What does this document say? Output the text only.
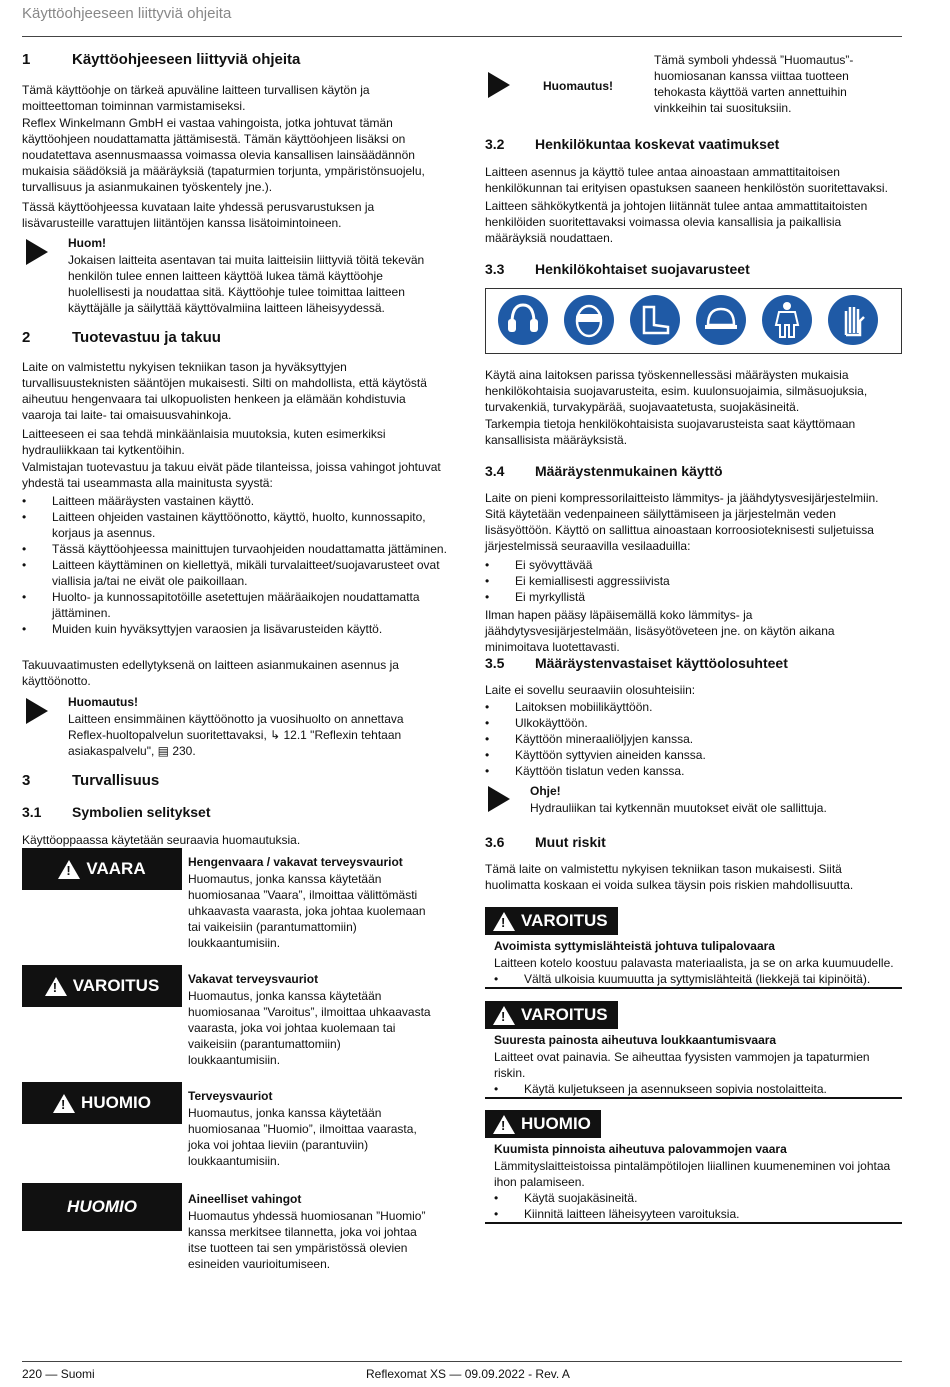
Käyttöohjeeseen liittyviä ohjeita
1	Käyttöohjeeseen liittyviä ohjeita
Tämä käyttöohje on tärkeä apuväline laitteen turvallisen käytön ja moitteettoman toiminnan varmistamiseksi.
Reflex Winkelmann GmbH ei vastaa vahingoista, jotka johtuvat tämän käyttöohjeen noudattamatta jättämisestä. Tämän käyttöohjeen lisäksi on noudatettava asennusmaassa voimassa olevia kansallisen lainsäädännön mukaisia säädöksiä ja määräyksiä (tapaturmien torjunta, ympäristönsuojelu, turvallisuus ja asianmukainen työskentely jne.).
Tässä käyttöohjeessa kuvataan laite yhdessä perusvarustuksen ja lisävarusteille varattujen liitäntöjen kanssa lisätoimintoineen.
Huom!
Jokaisen laitteita asentavan tai muita laitteisiin liittyviä töitä tekevän henkilön tulee ennen laitteen käyttöä lukea tämä käyttöohje huolellisesti ja noudattaa sitä. Käyttöohje tulee toimittaa laitteen käyttäjälle ja säilyttää käyttövalmiina laitteen läheisyydessä.
2	Tuotevastuu ja takuu
Laite on valmistettu nykyisen tekniikan tason ja hyväksyttyjen turvallisuusteknisten sääntöjen mukaisesti. Silti on mahdollista, että käytöstä aiheutuu hengenvaara tai ulkopuolisten henkeen ja elämään kohdistuvia vaaroja tai laite- tai omaisuusvahinkoja.
Laitteeseen ei saa tehdä minkäänlaisia muutoksia, kuten esimerkiksi hydrauliikkaan tai kytkentöihin.
Valmistajan tuotevastuu ja takuu eivät päde tilanteissa, joissa vahingot johtuvat yhdestä tai useammasta alla mainitusta syystä:
• Laitteen määräysten vastainen käyttö.
• Laitteen ohjeiden vastainen käyttöönotto, käyttö, huolto, kunnossapito, korjaus ja asennus.
• Tässä käyttöohjeessa mainittujen turvaohjeiden noudattamatta jättäminen.
• Laitteen käyttäminen on kiellettyä, mikäli turvalaitteet/suojavarusteet ovat viallisia ja/tai ne eivät ole paikoillaan.
• Huolto- ja kunnossapitotöille asetettujen määräaikojen noudattamatta jättäminen.
• Muiden kuin hyväksyttyjen varaosien ja lisävarusteiden käyttö.
Takuuvaatimusten edellytyksenä on laitteen asianmukainen asennus ja käyttöönotto.
Huomautus!
Laitteen ensimmäinen käyttöönotto ja vuosihuolto on annettava Reflex-huoltopalvelun suoritettavaksi, ↳ 12.1 "Reflexin tehtaan asiakaspalvelu", ▤ 230.
3	Turvallisuus
3.1 Symbolien selitykset
Käyttöoppaassa käytetään seuraavia huomautuksia.
!
VAARA	Hengenvaara / vakavat terveysvauriot
Huomautus, jonka kanssa käytetään huomiosanaa ”Vaara”, ilmoittaa välittömästi uhkaavasta vaarasta, joka johtaa kuolemaan tai vaikeisiin (parantumattomiin) loukkaantumisiin.
!
VAROITUS Vakavat terveysvauriot
Huomautus, jonka kanssa käytetään huomiosanaa ”Varoitus”, ilmoittaa uhkaavasta vaarasta, joka voi johtaa kuolemaan tai vaikeisiin (parantumattomiin) loukkaantumisiin.
!
HUOMIO	Terveysvauriot
Huomautus, jonka kanssa käytetään huomiosanaa ”Huomio”, ilmoittaa vaarasta, joka voi johtaa lieviin (parantuviin) loukkaantumisiin.
HUOMIO	Aineelliset vahingot
Huomautus yhdessä huomiosanan ”Huomio” kanssa merkitsee tilannetta, joka voi johtaa itse tuotteen tai sen ympäristössä olevien esineiden vaurioitumiseen.
Huomautus!
Tämä symboli yhdessä ”Huomautus”-huomiosanan kanssa viittaa tuotteen tehokasta käyttöä varten annettuihin vinkkeihin tai suosituksiin.
3.2 Henkilökuntaa koskevat vaatimukset
Laitteen asennus ja käyttö tulee antaa ainoastaan ammattitaitoisen henkilökunnan tai erityisen opastuksen saaneen henkilöstön suoritettavaksi.
Laitteen sähkökytkentä ja johtojen liitännät tulee antaa ammattitaitoisten henkilöiden suoritettavaksi voimassa olevia kansallisia ja paikallisia määräyksiä noudattaen.
3.3 Henkilökohtaiset suojavarusteet
Käytä aina laitoksen parissa työskennellessäsi määräysten mukaisia henkilökohtaisia suojavarusteita, esim. kuulonsuojaimia, silmäsuojuksia, turvakenkiä, turvakypärää, suojavaatetusta, suojakäsineitä.
Tarkempia tietoja henkilökohtaisista suojavarusteista saat käyttömaan kansallisista määräyksistä.
3.4 Määräystenmukainen käyttö
Laite on pieni kompressorilaitteisto lämmitys- ja jäähdytysvesijärjestelmiin. Sitä käytetään vedenpaineen säilyttämiseen ja järjestelmän veden lisäsyöttöön. Käyttö on sallittua ainoastaan korroosioteknisesti suljetuissa järjestelmissä seuraavilla vesilaaduilla:
• Ei syövyttävää
• Ei kemiallisesti aggressiivista
• Ei myrkyllistä
Ilman hapen pääsy läpäisemällä koko lämmitys- ja jäähdytysvesijärjestelmään, lisäsyötöveteen jne. on käytön aikana minimoitava luotettavasti.
3.5 Määräystenvastaiset käyttöolosuhteet
Laite ei sovellu seuraaviin olosuhteisiin:
• Laitoksen mobiilikäyttöön.
• Ulkokäyttöön.
• Käyttöön mineraaliöljyjen kanssa.
• Käyttöön syttyvien aineiden kanssa.
• Käyttöön tislatun veden kanssa.
Ohje!
Hydrauliikan tai kytkennän muutokset eivät ole sallittuja.
3.6 Muut riskit
Tämä laite on valmistettu nykyisen tekniikan tason mukaisesti. Siitä huolimatta koskaan ei voida sulkea täysin pois riskien mahdollisuutta.
!
VAROITUS
Avoimista syttymislähteistä johtuva tulipalovaara
Laitteen kotelo koostuu palavasta materiaalista, ja se on arka kuumuudelle.
• Vältä ulkoisia kuumuutta ja syttymislähteitä (liekkejä tai kipinöitä).
!
VAROITUS
Suuresta painosta aiheutuva loukkaantumisvaara
Laitteet ovat painavia. Se aiheuttaa fyysisten vammojen ja tapaturmien riskin.
• Käytä kuljetukseen ja asennukseen sopivia nostolaitteita.
!
HUOMIO
Kuumista pinnoista aiheutuva palovammojen vaara
Lämmityslaitteistoissa pintalämpötilojen liiallinen kuumeneminen voi johtaa ihon palamiseen.
• Käytä suojakäsineitä.
• Kiinnitä laitteen läheisyyteen varoituksia.
220 — Suomi	Reflexomat XS — 09.09.2022 - Rev. A
